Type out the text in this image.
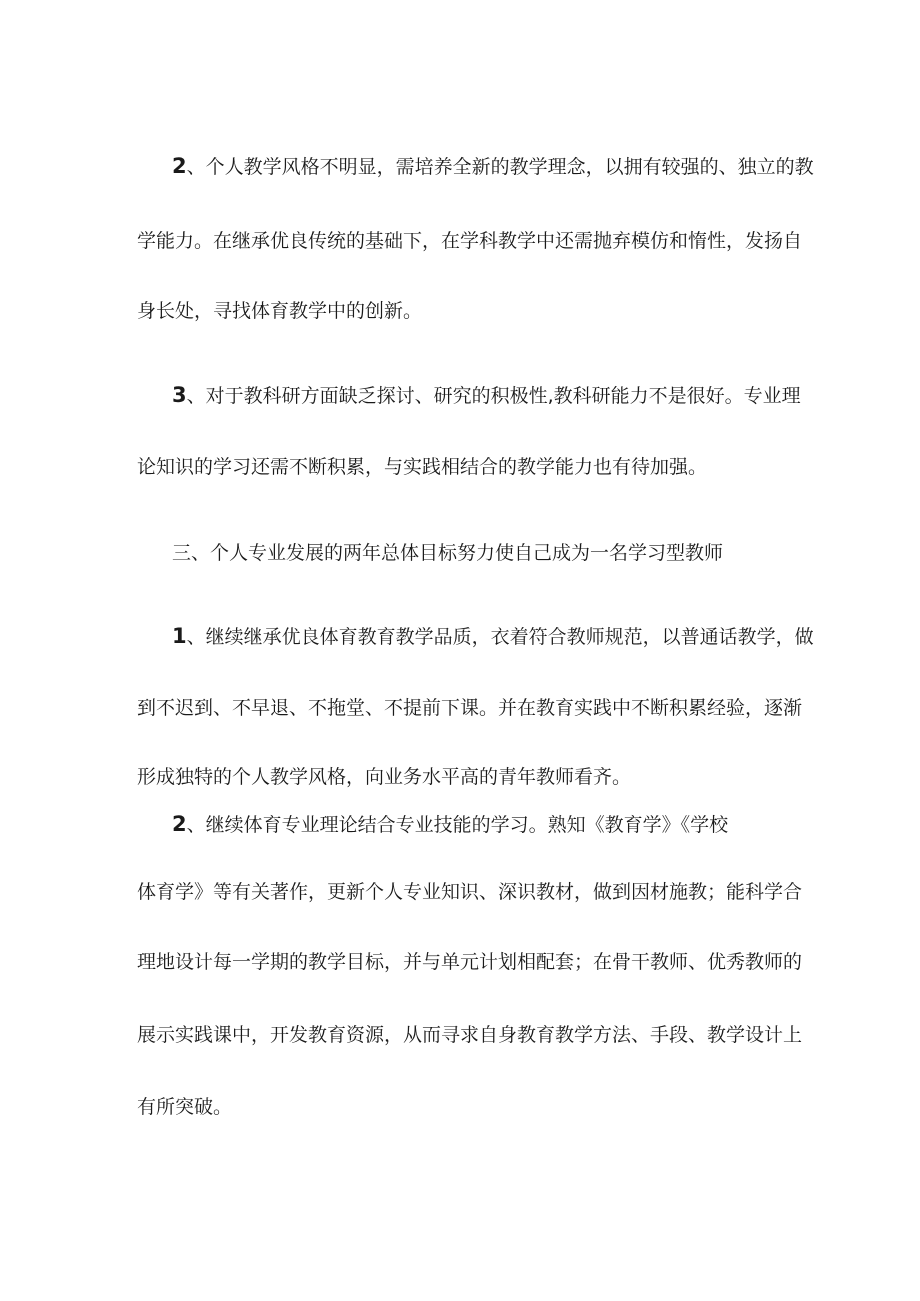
2、个人教学风格不明显，需培养全新的教学理念，以拥有较强的、独立的教
学能力。在继承优良传统的基础下，在学科教学中还需抛弃模仿和惰性，发扬自
身长处，寻找体育教学中的创新。
3、对于教科研方面缺乏探讨、研究的积极性,教科研能力不是很好。专业理
论知识的学习还需不断积累，与实践相结合的教学能力也有待加强。
三、个人专业发展的两年总体目标努力使自己成为一名学习型教师
1、继续继承优良体育教育教学品质，衣着符合教师规范，以普通话教学，做
到不迟到、不早退、不拖堂、不提前下课。并在教育实践中不断积累经验，逐渐
形成独特的个人教学风格，向业务水平高的青年教师看齐。
2、继续体育专业理论结合专业技能的学习。熟知《教育学》《学校
体育学》等有关著作，更新个人专业知识、深识教材，做到因材施教；能科学合
理地设计每一学期的教学目标，并与单元计划相配套；在骨干教师、优秀教师的
展示实践课中，开发教育资源，从而寻求自身教育教学方法、手段、教学设计上
有所突破。
